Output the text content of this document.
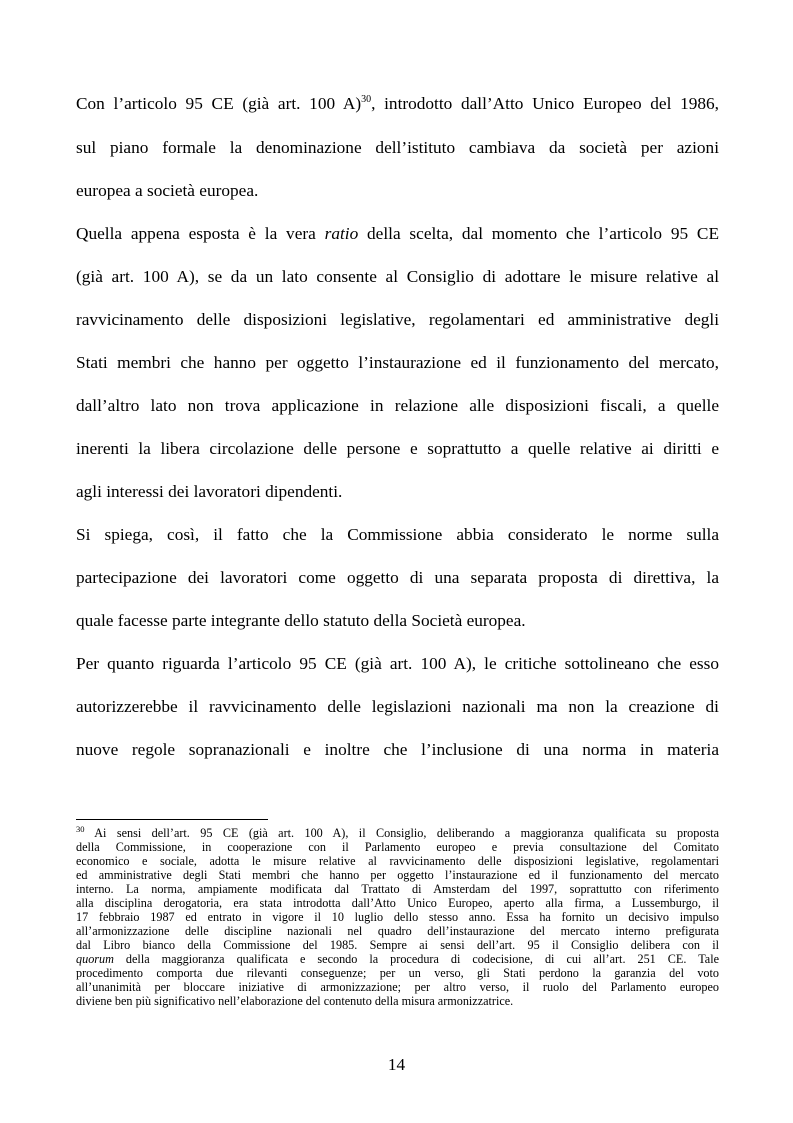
Con l’articolo 95 CE (già art. 100 A)$^{30}$, introdotto dall’Atto Unico Europeo del 1986,
sul piano formale la denominazione dell’istituto cambiava da società per azioni
europea a società europea.
Quella appena esposta è la vera ratio della scelta, dal momento che l’articolo 95 CE
(già art. 100 A), se da un lato consente al Consiglio di adottare le misure relative al
ravvicinamento delle disposizioni legislative, regolamentari ed amministrative degli
Stati membri che hanno per oggetto l’instaurazione ed il funzionamento del mercato,
dall’altro lato non trova applicazione in relazione alle disposizioni fiscali, a quelle
inerenti la libera circolazione delle persone e soprattutto a quelle relative ai diritti e
agli interessi dei lavoratori dipendenti.
Si spiega, così, il fatto che la Commissione abbia considerato le norme sulla
partecipazione dei lavoratori come oggetto di una separata proposta di direttiva, la
quale facesse parte integrante dello statuto della Società europea.
Per quanto riguarda l’articolo 95 CE (già art. 100 A), le critiche sottolineano che esso
autorizzerebbe il ravvicinamento delle legislazioni nazionali ma non la creazione di
nuove regole sopranazionali e inoltre che l’inclusione di una norma in materia
$^{30}$ Ai sensi dell’art. 95 CE (già art. 100 A), il Consiglio, deliberando a maggioranza qualificata su proposta
della Commissione, in cooperazione con il Parlamento europeo e previa consultazione del Comitato
economico e sociale, adotta le misure relative al ravvicinamento delle disposizioni legislative, regolamentari
ed amministrative degli Stati membri che hanno per oggetto l’instaurazione ed il funzionamento del mercato
interno. La norma, ampiamente modificata dal Trattato di Amsterdam del 1997, soprattutto con riferimento
alla disciplina derogatoria, era stata introdotta dall’Atto Unico Europeo, aperto alla firma, a Lussemburgo, il
17 febbraio 1987 ed entrato in vigore il 10 luglio dello stesso anno. Essa ha fornito un decisivo impulso
all’armonizzazione delle discipline nazionali nel quadro dell’instaurazione del mercato interno prefigurata
dal Libro bianco della Commissione del 1985. Sempre ai sensi dell’art. 95 il Consiglio delibera con il
quorum della maggioranza qualificata e secondo la procedura di codecisione, di cui all’art. 251 CE. Tale
procedimento comporta due rilevanti conseguenze; per un verso, gli Stati perdono la garanzia del voto
all’unanimità per bloccare iniziative di armonizzazione; per altro verso, il ruolo del Parlamento europeo
diviene ben più significativo nell’elaborazione del contenuto della misura armonizzatrice.
14
